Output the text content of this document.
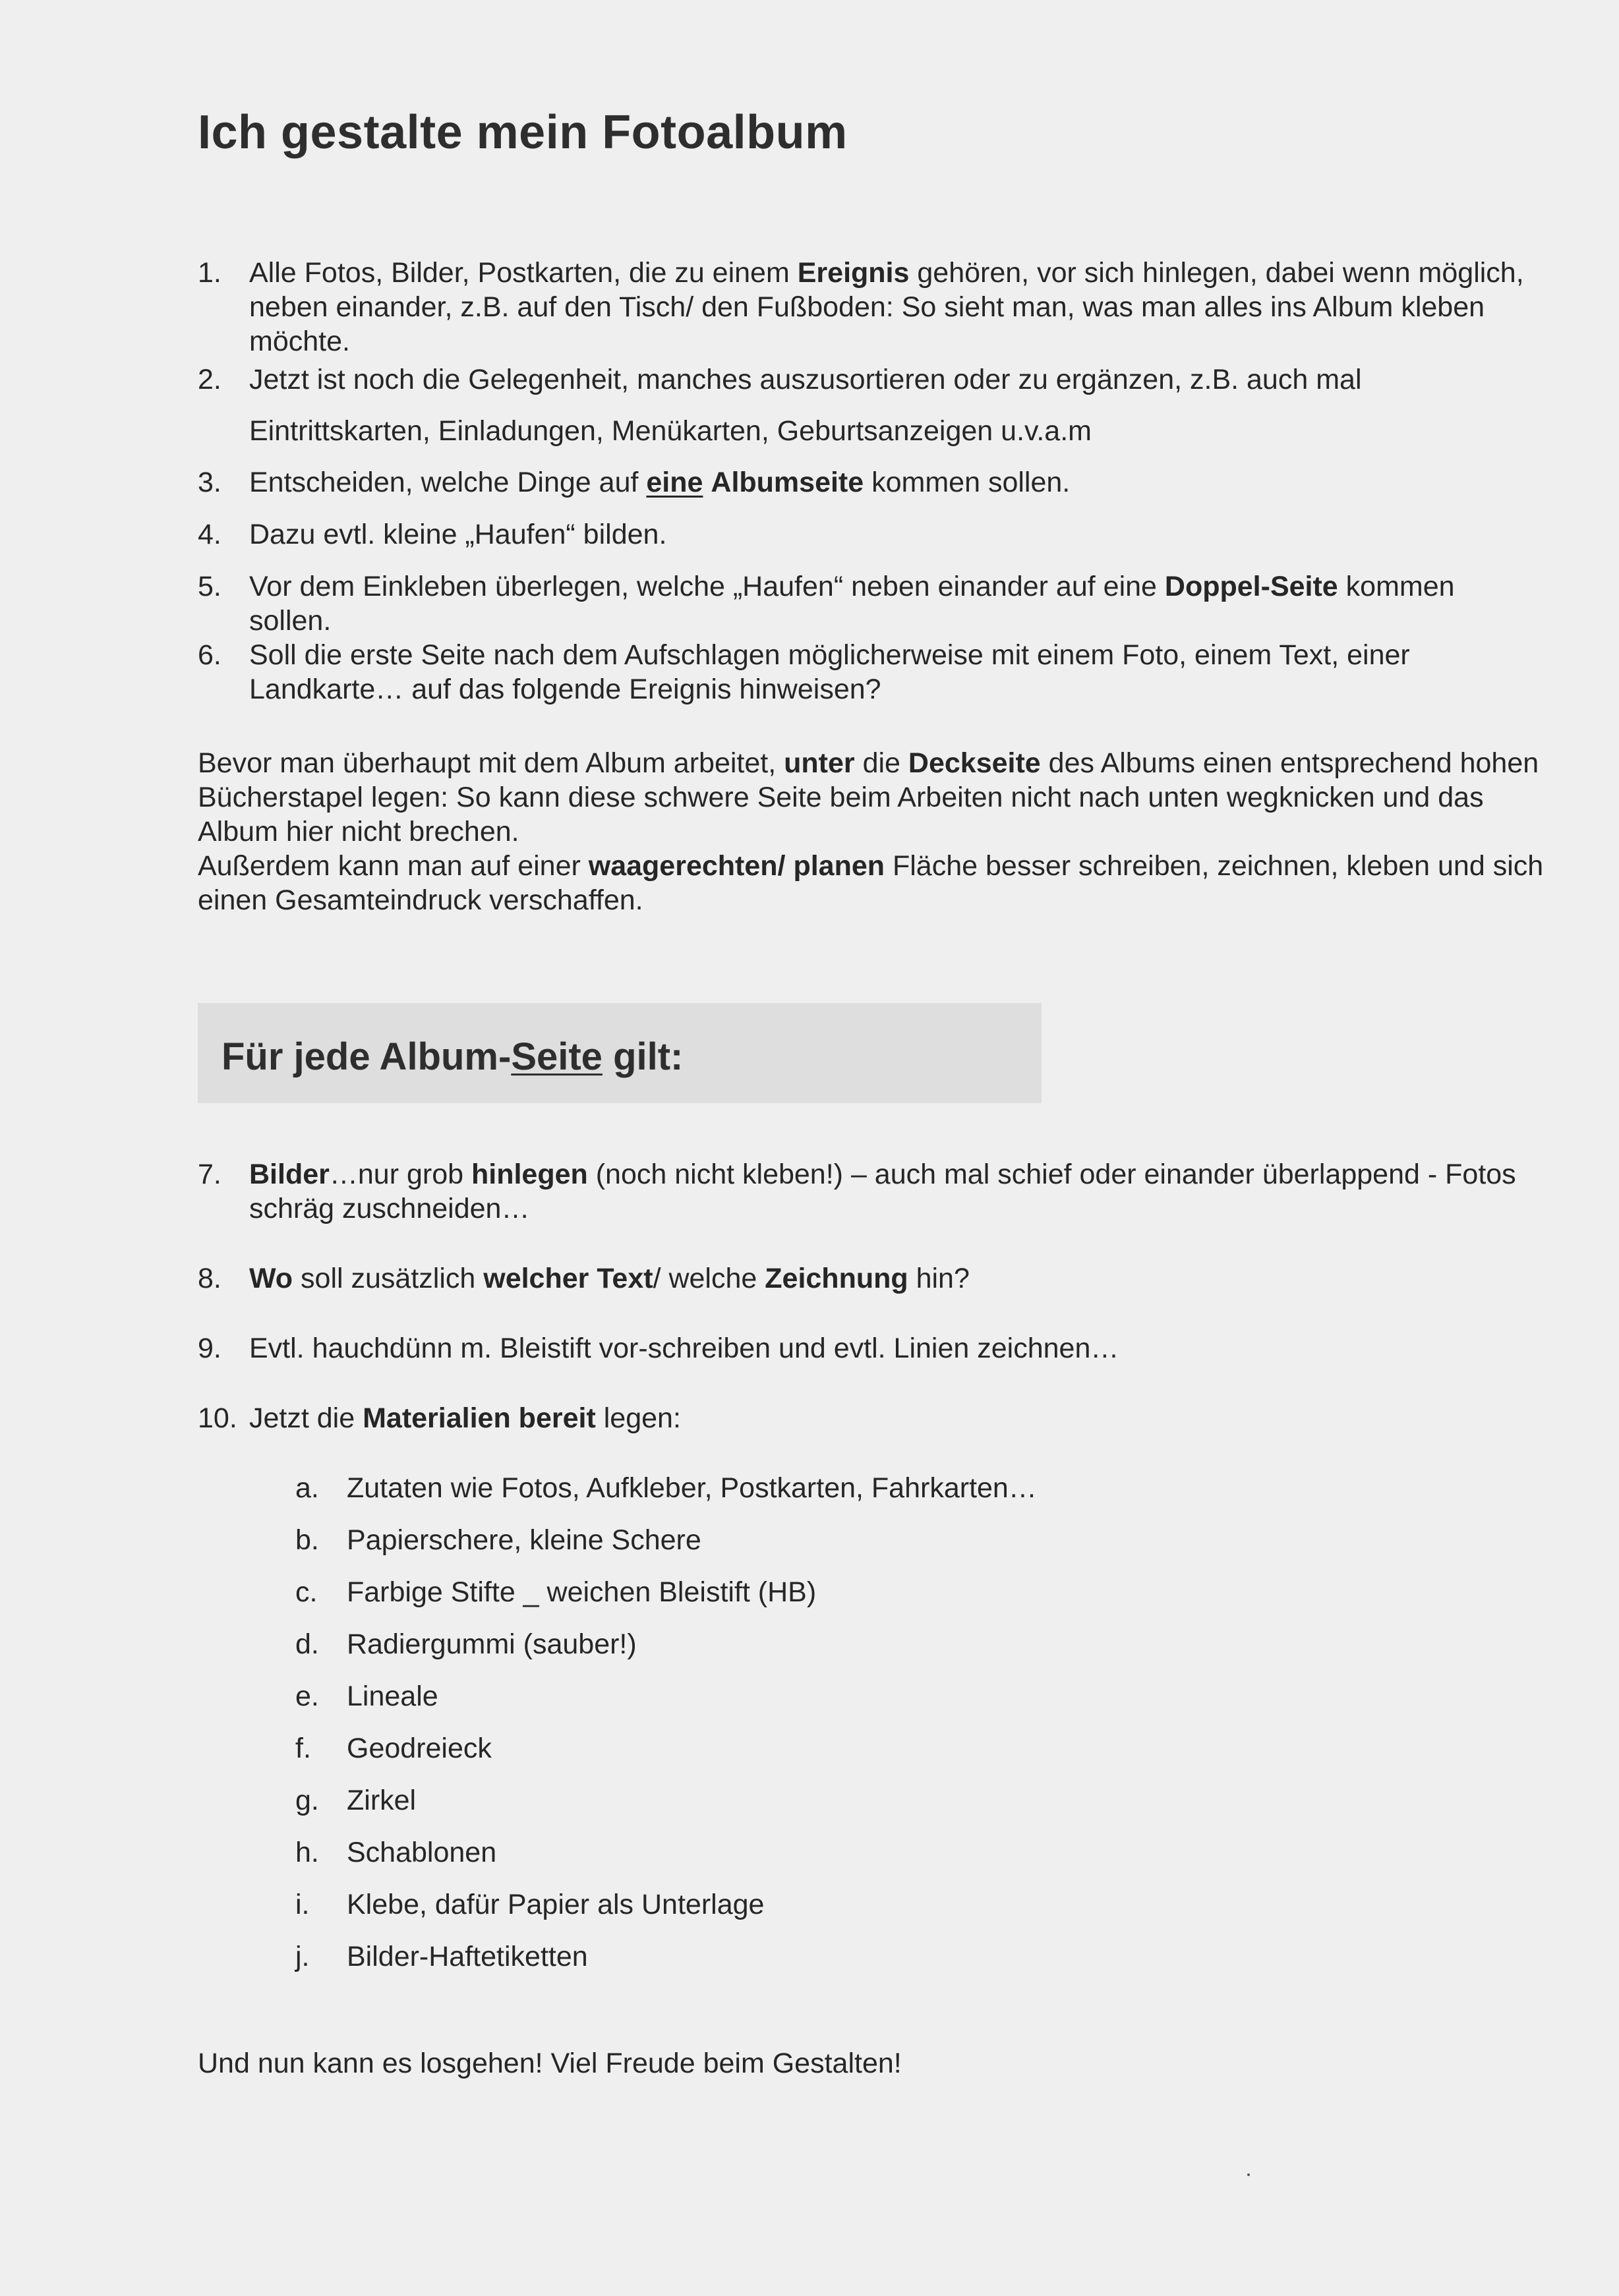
Ich gestalte mein Fotoalbum
1. Alle Fotos, Bilder, Postkarten, die zu einem Ereignis gehören, vor sich hinlegen, dabei wenn möglich, neben einander, z.B. auf den Tisch/ den Fußboden: So sieht man, was man alles ins Album kleben möchte.
2. Jetzt ist noch die Gelegenheit, manches auszusortieren oder zu ergänzen, z.B. auch mal
Eintrittskarten, Einladungen, Menükarten, Geburtsanzeigen u.v.a.m
3. Entscheiden, welche Dinge auf eine Albumseite kommen sollen.
4. Dazu evtl. kleine „Haufen“ bilden.
5. Vor dem Einkleben überlegen, welche „Haufen“ neben einander auf eine Doppel-Seite kommen sollen.
6. Soll die erste Seite nach dem Aufschlagen möglicherweise mit einem Foto, einem Text, einer Landkarte… auf das folgende Ereignis hinweisen?
Bevor man überhaupt mit dem Album arbeitet, unter die Deckseite des Albums einen entsprechend hohen Bücherstapel legen: So kann diese schwere Seite beim Arbeiten nicht nach unten wegknicken und das Album hier nicht brechen.
Außerdem kann man auf einer waagerechten/ planen Fläche besser schreiben, zeichnen, kleben und sich einen Gesamteindruck verschaffen.
Für jede Album-Seite gilt:
7. Bilder…nur grob hinlegen (noch nicht kleben!) – auch mal schief oder einander überlappend - Fotos schräg zuschneiden…
8. Wo soll zusätzlich welcher Text/ welche Zeichnung hin?
9. Evtl. hauchdünn m. Bleistift vor-schreiben und evtl. Linien zeichnen…
10. Jetzt die Materialien bereit legen:
a. Zutaten wie Fotos, Aufkleber, Postkarten, Fahrkarten…
b. Papierschere, kleine Schere
c.	Farbige Stifte _ weichen Bleistift (HB)
d. Radiergummi (sauber!)
e. Lineale
f.	Geodreieck
g. Zirkel
h. Schablonen
i.	Klebe, dafür Papier als Unterlage
j.	Bilder-Haftetiketten
Und nun kann es losgehen! Viel Freude beim Gestalten!
